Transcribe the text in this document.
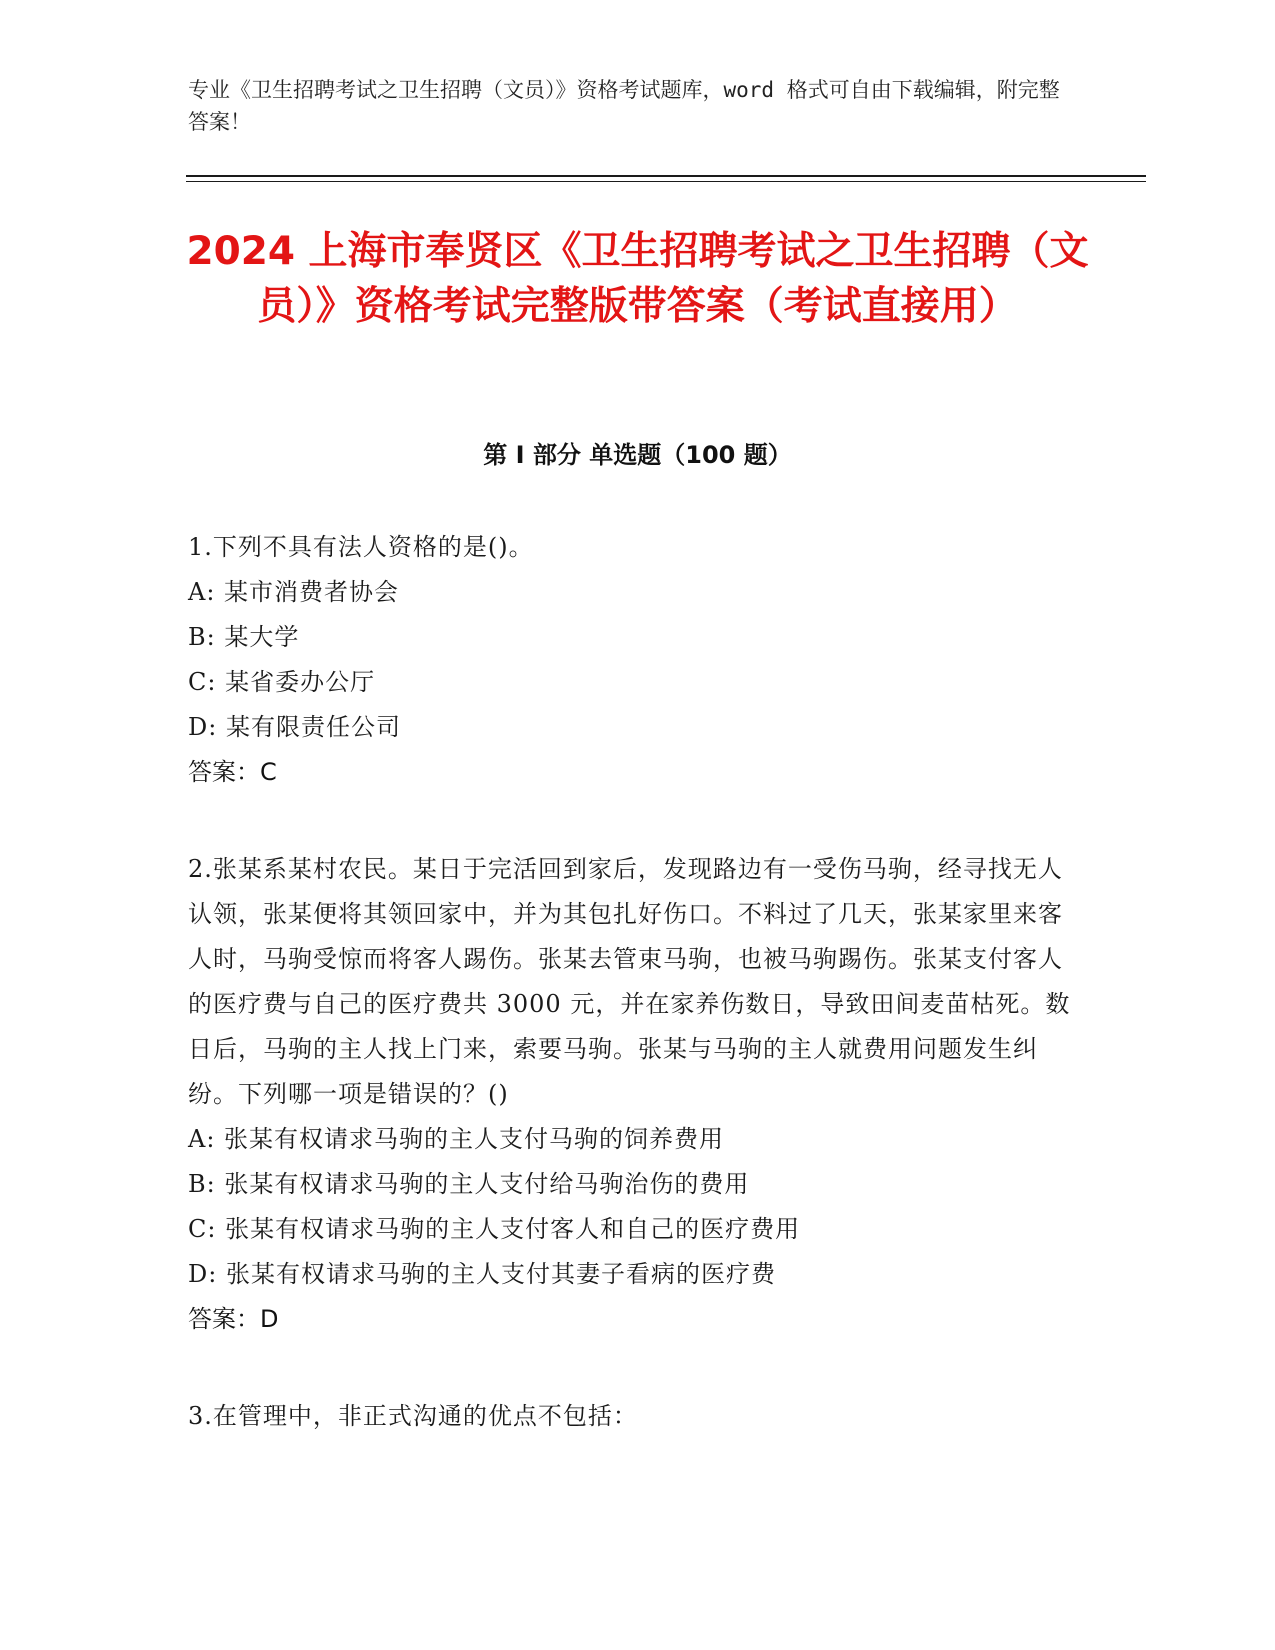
专业《卫生招聘考试之卫生招聘（文员）》资格考试题库，word 格式可自由下载编辑，附完整答案！
2024 上海市奉贤区《卫生招聘考试之卫生招聘（文员）》资格考试完整版带答案（考试直接用）
第 I 部分 单选题（100 题）
1.下列不具有法人资格的是()。
A: 某市消费者协会
B: 某大学
C: 某省委办公厅
D: 某有限责任公司
答案：C
2.张某系某村农民。某日于完活回到家后，发现路边有一受伤马驹，经寻找无人认领，张某便将其领回家中，并为其包扎好伤口。不料过了几天，张某家里来客人时，马驹受惊而将客人踢伤。张某去管束马驹，也被马驹踢伤。张某支付客人的医疗费与自己的医疗费共 3000 元，并在家养伤数日，导致田间麦苗枯死。数日后，马驹的主人找上门来，索要马驹。张某与马驹的主人就费用问题发生纠纷。下列哪一项是错误的？()
A: 张某有权请求马驹的主人支付马驹的饲养费用
B: 张某有权请求马驹的主人支付给马驹治伤的费用
C: 张某有权请求马驹的主人支付客人和自己的医疗费用
D: 张某有权请求马驹的主人支付其妻子看病的医疗费
答案：D
3.在管理中，非正式沟通的优点不包括：
